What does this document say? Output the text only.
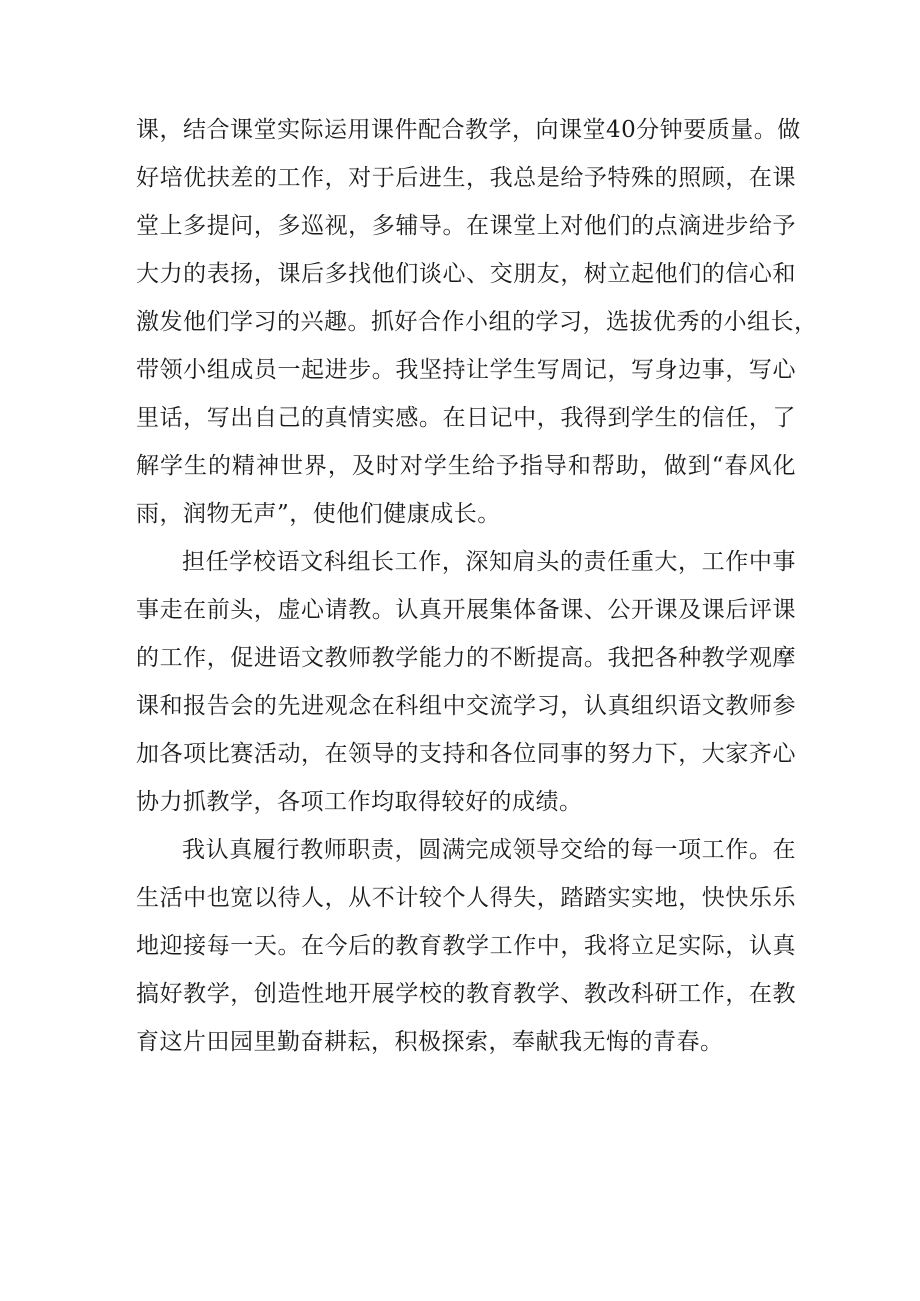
课，结合课堂实际运用课件配合教学，向课堂40分钟要质量。做
好培优扶差的工作，对于后进生，我总是给予特殊的照顾，在课
堂上多提问，多巡视，多辅导。在课堂上对他们的点滴进步给予
大力的表扬，课后多找他们谈心、交朋友，树立起他们的信心和
激发他们学习的兴趣。抓好合作小组的学习，选拔优秀的小组长，
带领小组成员一起进步。我坚持让学生写周记，写身边事，写心
里话，写出自己的真情实感。在日记中，我得到学生的信任，了
解学生的精神世界，及时对学生给予指导和帮助，做到“春风化
雨，润物无声”，使他们健康成长。
担任学校语文科组长工作，深知肩头的责任重大，工作中事
事走在前头，虚心请教。认真开展集体备课、公开课及课后评课
的工作，促进语文教师教学能力的不断提高。我把各种教学观摩
课和报告会的先进观念在科组中交流学习，认真组织语文教师参
加各项比赛活动，在领导的支持和各位同事的努力下，大家齐心
协力抓教学，各项工作均取得较好的成绩。
我认真履行教师职责，圆满完成领导交给的每一项工作。在
生活中也宽以待人，从不计较个人得失，踏踏实实地，快快乐乐
地迎接每一天。在今后的教育教学工作中，我将立足实际，认真
搞好教学，创造性地开展学校的教育教学、教改科研工作，在教
育这片田园里勤奋耕耘，积极探索，奉献我无悔的青春。
